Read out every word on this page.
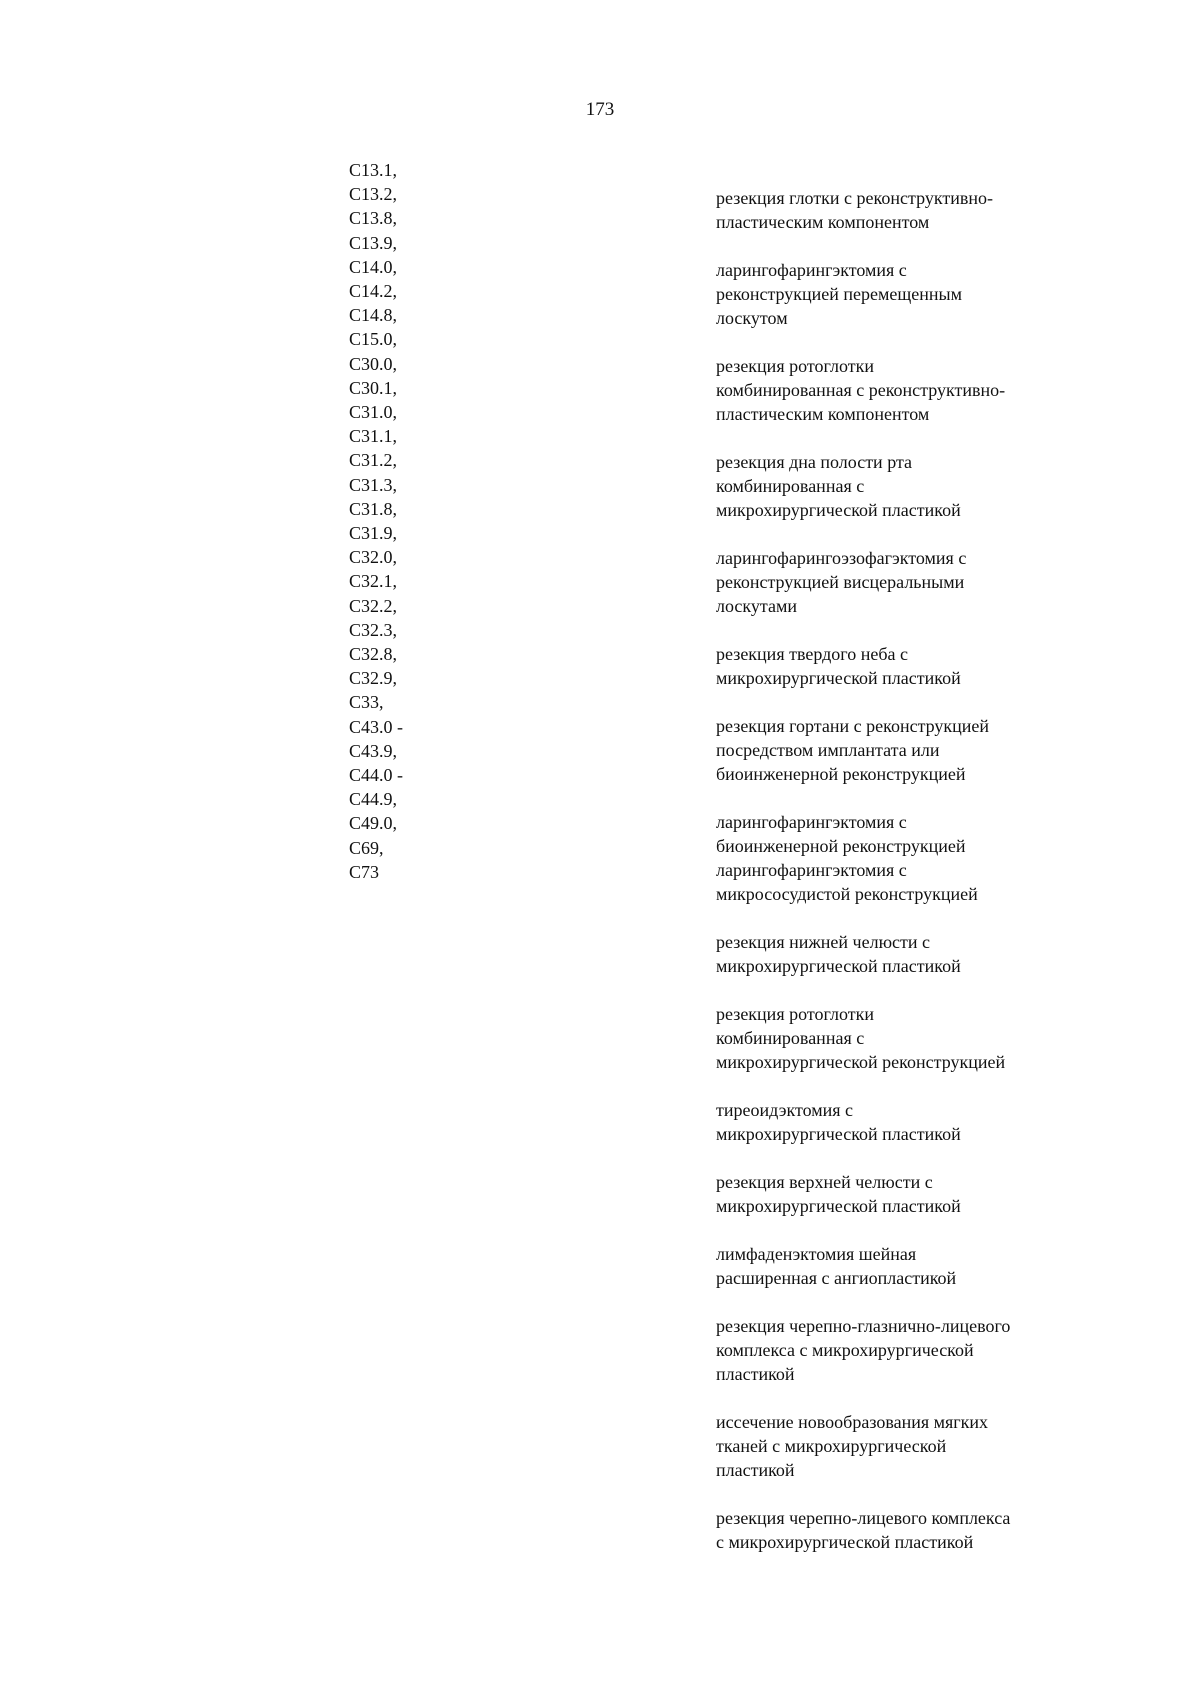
173
C13.1,
C13.2,
C13.8,
C13.9,
C14.0,
C14.2,
C14.8,
C15.0,
C30.0,
C30.1,
C31.0,
C31.1,
C31.2,
C31.3,
C31.8,
C31.9,
C32.0,
C32.1,
C32.2,
C32.3,
C32.8,
C32.9,
C33,
C43.0 -
C43.9,
C44.0 -
C44.9,
C49.0,
C69,
C73
резекция глотки с реконструктивно-
пластическим компонентом
ларингофарингэктомия с
реконструкцией перемещенным
лоскутом
резекция ротоглотки
комбинированная с реконструктивно-
пластическим компонентом
резекция дна полости рта
комбинированная с
микрохирургической пластикой
ларингофарингоэзофагэктомия с
реконструкцией висцеральными
лоскутами
резекция твердого неба с
микрохирургической пластикой
резекция гортани с реконструкцией
посредством имплантата или
биоинженерной реконструкцией
ларингофарингэктомия с
биоинженерной реконструкцией
ларингофарингэктомия с
микрососудистой реконструкцией
резекция нижней челюсти с
микрохирургической пластикой
резекция ротоглотки
комбинированная с
микрохирургической реконструкцией
тиреоидэктомия с
микрохирургической пластикой
резекция верхней челюсти с
микрохирургической пластикой
лимфаденэктомия шейная
расширенная с ангиопластикой
резекция черепно-глазнично-лицевого
комплекса с микрохирургической
пластикой
иссечение новообразования мягких
тканей с микрохирургической
пластикой
резекция черепно-лицевого комплекса
с микрохирургической пластикой
